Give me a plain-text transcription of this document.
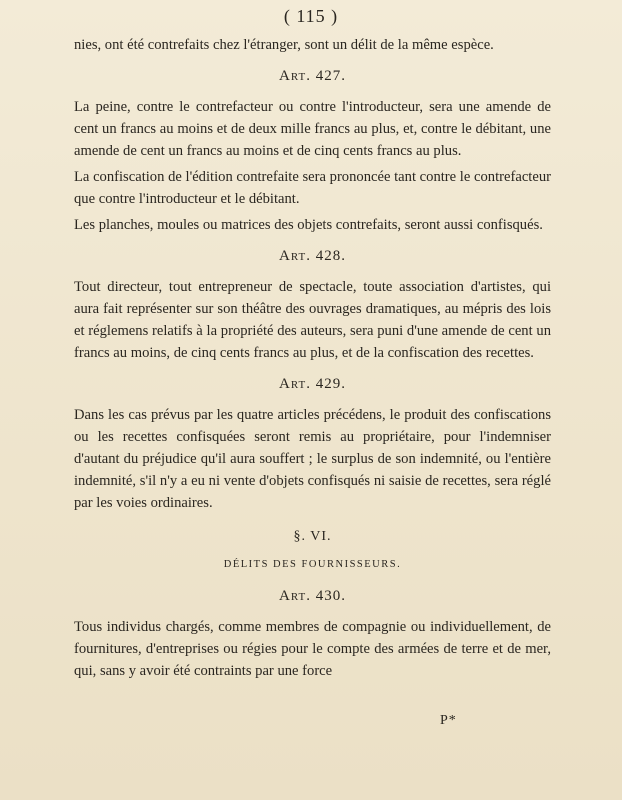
( 115 )

nies, ont été contrefaits chez l'étranger, sont un délit de la même espèce.

Art. 427.

La peine, contre le contrefacteur ou contre l'introducteur, sera une amende de cent un francs au moins et de deux mille francs au plus, et, contre le débitant, une amende de cent un francs au moins et de cinq cents francs au plus.

La confiscation de l'édition contrefaite sera prononcée tant contre le contrefacteur que contre l'introducteur et le débitant.

Les planches, moules ou matrices des objets contrefaits, seront aussi confisqués.

Art. 428.

Tout directeur, tout entrepreneur de spectacle, toute association d'artistes, qui aura fait représenter sur son théâtre des ouvrages dramatiques, au mépris des lois et réglemens relatifs à la propriété des auteurs, sera puni d'une amende de cent un francs au moins, de cinq cents francs au plus, et de la confiscation des recettes.

Art. 429.

Dans les cas prévus par les quatre articles précédens, le produit des confiscations ou les recettes confisquées seront remis au propriétaire, pour l'indemniser d'autant du préjudice qu'il aura souffert ; le surplus de son indemnité, ou l'entière indemnité, s'il n'y a eu ni vente d'objets confisqués ni saisie de recettes, sera réglé par les voies ordinaires.

§. VI.
DÉLITS DES FOURNISSEURS.
Art. 430.

Tous individus chargés, comme membres de compagnie ou individuellement, de fournitures, d'entreprises ou régies pour le compte des armées de terre et de mer, qui, sans y avoir été contraints par une force

P*
